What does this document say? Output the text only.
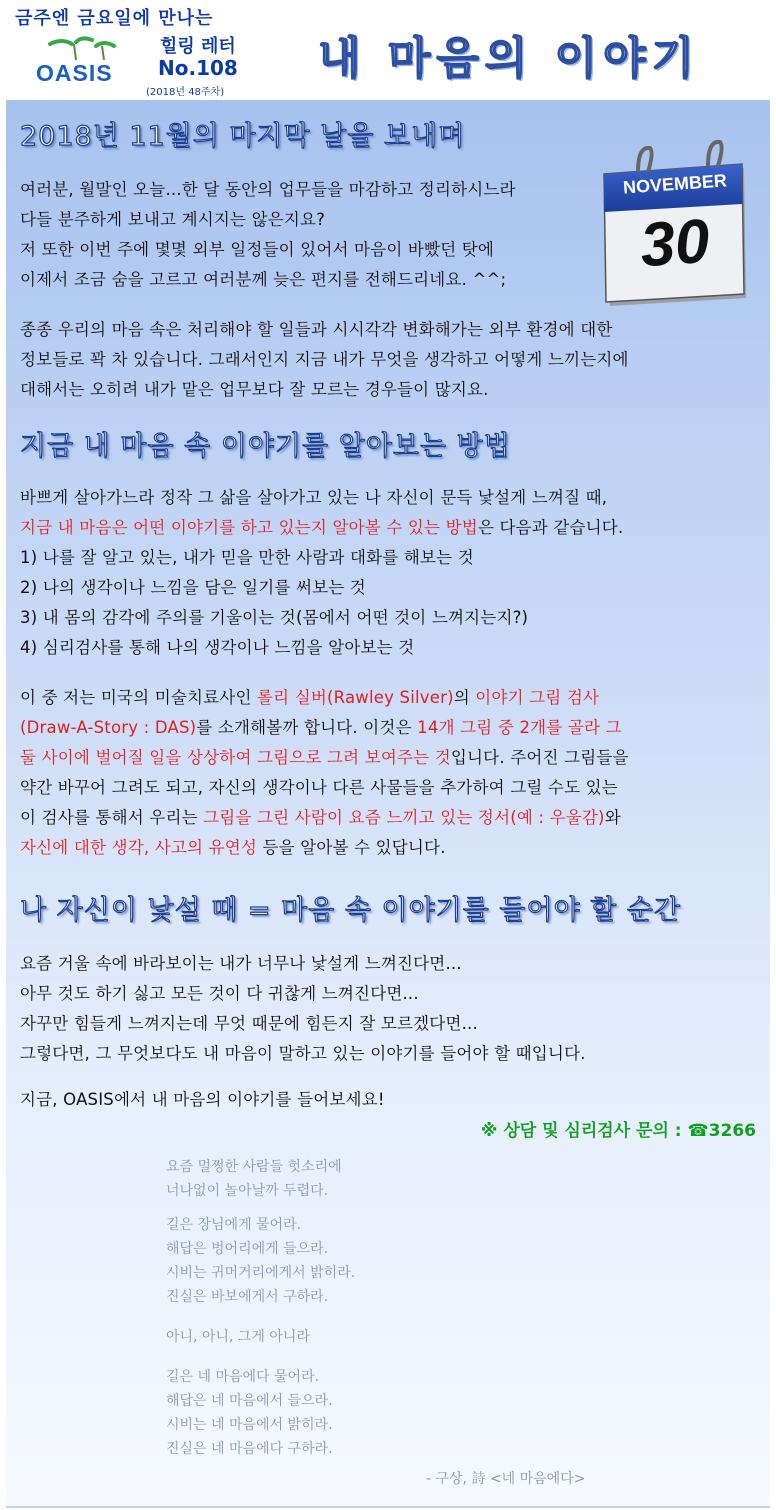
금주엔 금요일에 만나는
힐링 레터
No.108
(2018년 48주차)
OASIS	내 마음의 이야기
2018년 11월의 마지막 날을 보내며
여러분, 월말인 오늘...한 달 동안의 업무들을 마감하고 정리하시느라
다들 분주하게 보내고 계시지는 않은지요?
저 또한 이번 주에 몇몇 외부 일정들이 있어서 마음이 바빴던 탓에
이제서 조금 숨을 고르고 여러분께 늦은 편지를 전해드리네요. ^^;
종종 우리의 마음 속은 처리해야 할 일들과 시시각각 변화해가는 외부 환경에 대한
정보들로 꽉 차 있습니다. 그래서인지 지금 내가 무엇을 생각하고 어떻게 느끼는지에
대해서는 오히려 내가 맡은 업무보다 잘 모르는 경우들이 많지요.
지금 내 마음 속 이야기를 알아보는 방법
바쁘게 살아가느라 정작 그 삶을 살아가고 있는 나 자신이 문득 낯설게 느껴질 때,
지금 내 마음은 어떤 이야기를 하고 있는지 알아볼 수 있는 방법은 다음과 같습니다.
1) 나를 잘 알고 있는, 내가 믿을 만한 사람과 대화를 해보는 것
2) 나의 생각이나 느낌을 담은 일기를 써보는 것
3) 내 몸의 감각에 주의를 기울이는 것(몸에서 어떤 것이 느껴지는지?)
4) 심리검사를 통해 나의 생각이나 느낌을 알아보는 것
이 중 저는 미국의 미술치료사인 롤리 실버(Rawley Silver)의 이야기 그림 검사
(Draw-A-Story : DAS)를 소개해볼까 합니다. 이것은 14개 그림 중 2개를 골라 그
둘 사이에 벌어질 일을 상상하여 그림으로 그려 보여주는 것입니다. 주어진 그림들을
약간 바꾸어 그려도 되고, 자신의 생각이나 다른 사물들을 추가하여 그릴 수도 있는
이 검사를 통해서 우리는 그림을 그린 사람이 요즘 느끼고 있는 정서(예 : 우울감)와
자신에 대한 생각, 사고의 유연성 등을 알아볼 수 있답니다.
나 자신이 낯설 때 = 마음 속 이야기를 들어야 할 순간
요즘 거울 속에 바라보이는 내가 너무나 낯설게 느껴진다면...
아무 것도 하기 싫고 모든 것이 다 귀찮게 느껴진다면...
자꾸만 힘들게 느껴지는데 무엇 때문에 힘든지 잘 모르겠다면...
그렇다면, 그 무엇보다도 내 마음이 말하고 있는 이야기를 들어야 할 때입니다.
지금, OASIS에서 내 마음의 이야기를 들어보세요!
※ 상담 및 심리검사 문의 : ☎3266
요즘 멀쩡한 사람들 헛소리에
너나없이 놀아날까 두렵다.
길은 장님에게 물어라.
해답은 벙어리에게 들으라.
시비는 귀머거리에게서 밝히라.
진실은 바보에게서 구하라.
아니, 아니, 그게 아니라
길은 네 마음에다 물어라.
해답은 네 마음에서 들으라.
시비는 네 마음에서 밝히라.
진실은 네 마음에다 구하라.
- 구상, 詩 <네 마음에다>
NOVEMBER
30
